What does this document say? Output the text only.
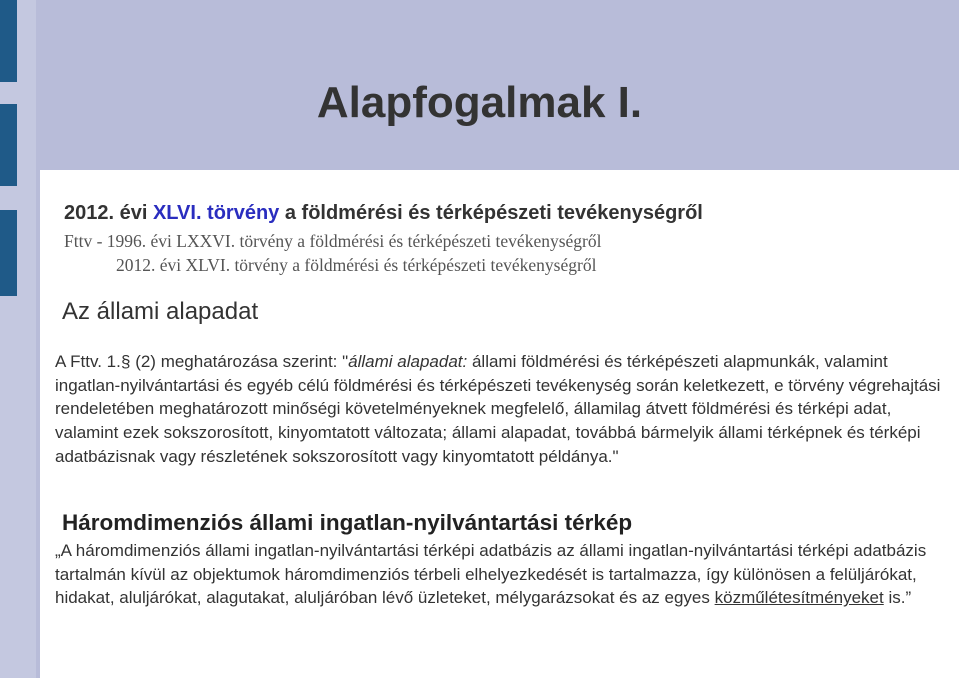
Alapfogalmak I.

2012. évi XLVI. törvény a földmérési és térképészeti tevékenységről

Fttv - 1996. évi LXXVI. törvény a földmérési és térképészeti tevékenységről

2012. évi XLVI. törvény a földmérési és térképészeti tevékenységről

Az állami alapadat

A Fttv. 1.§ (2) meghatározása szerint: "állami alapadat: állami földmérési és térképészeti alapmunkák, valamint ingatlan-nyilvántartási és egyéb célú földmérési és térképészeti tevékenység során keletkezett, e törvény végrehajtási rendeletében meghatározott minőségi követelményeknek megfelelő, államilag átvett földmérési és térképi adat, valamint ezek sokszorosított, kinyomtatott változata; állami alapadat, továbbá bármelyik állami térképnek és térképi adatbázisnak vagy részletének sokszorosított vagy kinyomtatott példánya."

Háromdimenziós állami ingatlan-nyilvántartási térkép

„A háromdimenziós állami ingatlan-nyilvántartási térképi adatbázis az állami ingatlan-nyilvántartási térképi adatbázis tartalmán kívül az objektumok háromdimenziós térbeli elhelyezkedését is tartalmazza, így különösen a felüljárókat, hidakat, aluljárókat, alagutakat, aluljáróban lévő üzleteket, mélygarázsokat és az egyes közműlétesítményeket is.”
